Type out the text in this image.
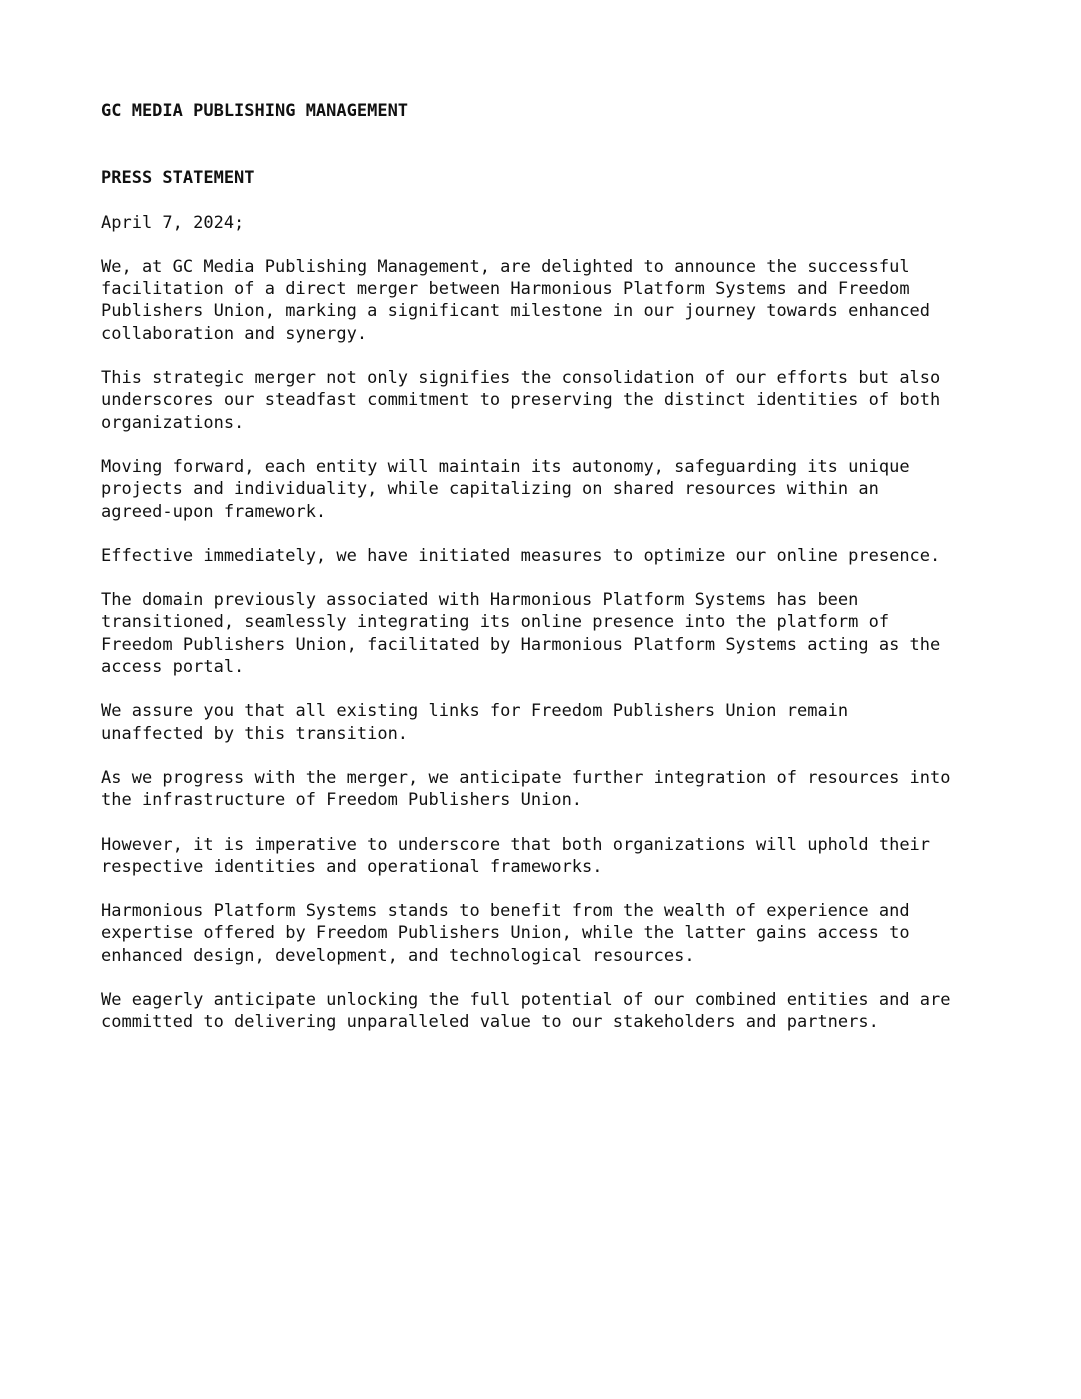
GC MEDIA PUBLISHING MANAGEMENT
PRESS STATEMENT
April 7, 2024;

We, at GC Media Publishing Management, are delighted to announce the successful
facilitation of a direct merger between Harmonious Platform Systems and Freedom
Publishers Union, marking a significant milestone in our journey towards enhanced
collaboration and synergy.

This strategic merger not only signifies the consolidation of our efforts but also
underscores our steadfast commitment to preserving the distinct identities of both
organizations.

Moving forward, each entity will maintain its autonomy, safeguarding its unique
projects and individuality, while capitalizing on shared resources within an
agreed-upon framework.

Effective immediately, we have initiated measures to optimize our online presence.

The domain previously associated with Harmonious Platform Systems has been
transitioned, seamlessly integrating its online presence into the platform of
Freedom Publishers Union, facilitated by Harmonious Platform Systems acting as the
access portal.

We assure you that all existing links for Freedom Publishers Union remain
unaffected by this transition.

As we progress with the merger, we anticipate further integration of resources into
the infrastructure of Freedom Publishers Union.

However, it is imperative to underscore that both organizations will uphold their
respective identities and operational frameworks.

Harmonious Platform Systems stands to benefit from the wealth of experience and
expertise offered by Freedom Publishers Union, while the latter gains access to
enhanced design, development, and technological resources.

We eagerly anticipate unlocking the full potential of our combined entities and are
committed to delivering unparalleled value to our stakeholders and partners.
